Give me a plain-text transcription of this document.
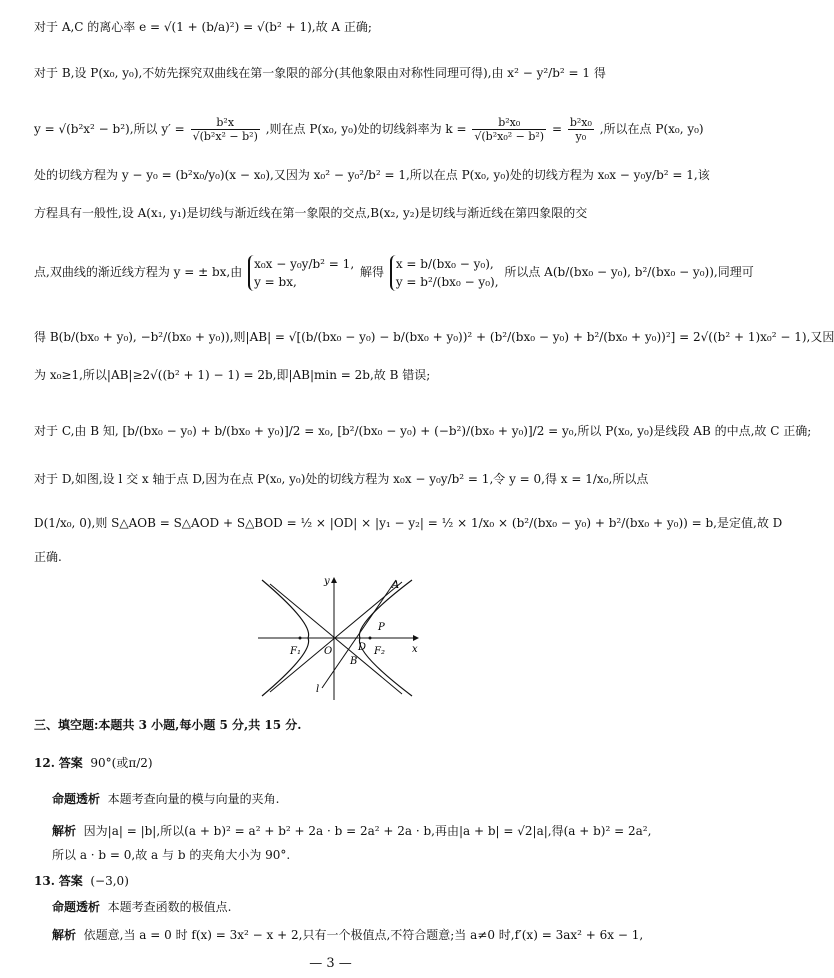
对于 A,C 的离心率 e = √(1 + (b/a)²) = √(b² + 1),故 A 正确;
对于 B,设 P(x₀, y₀),不妨先探究双曲线在第一象限的部分(其他象限由对称性同理可得),由 x² − y²/b² = 1 得
y = √(b²x² − b²),所以 $y' = \frac{\text{b²x}}{\text{√(b²x² − b²)}}$ ,则在点 P(x₀, y₀)处的切线斜率为 $k = \frac{\text{b²x₀}}{\text{√(b²x₀² − b²)}} = \frac{\text{b²x₀}}{\text{y₀}}$ ,所以在点 P(x₀, y₀)
处的切线方程为 y − y₀ = (b²x₀/y₀)(x − x₀),又因为 x₀² − y₀²/b² = 1,所以在点 P(x₀, y₀)处的切线方程为 x₀x − y₀y/b² = 1,该
方程具有一般性,设 A(x₁, y₁)是切线与渐近线在第一象限的交点,B(x₂, y₂)是切线与渐近线在第四象限的交
点,双曲线的渐近线方程为 y = ± bx,由
x₀x − y₀y/b² = 1,
y = bx,
解得
x = b/(bx₀ − y₀),
y = b²/(bx₀ − y₀),
所以点 A(b/(bx₀ − y₀), b²/(bx₀ − y₀)),同理可
得 B(b/(bx₀ + y₀), −b²/(bx₀ + y₀)),则|AB| = √[(b/(bx₀ − y₀) − b/(bx₀ + y₀))² + (b²/(bx₀ − y₀) + b²/(bx₀ + y₀))²] = 2√((b² + 1)x₀² − 1),又因
为 x₀≥1,所以|AB|≥2√((b² + 1) − 1) = 2b,即|AB|min = 2b,故 B 错误;
对于 C,由 B 知, [b/(bx₀ − y₀) + b/(bx₀ + y₀)]/2 = x₀, [b²/(bx₀ − y₀) + (−b²)/(bx₀ + y₀)]/2 = y₀,所以 P(x₀, y₀)是线段 AB 的中点,故 C 正确;
对于 D,如图,设 l 交 x 轴于点 D,因为在点 P(x₀, y₀)处的切线方程为 x₀x − y₀y/b² = 1,令 y = 0,得 x = 1/x₀,所以点
D(1/x₀, 0),则 S△AOB = S△AOD + S△BOD = ½ × |OD| × |y₁ − y₂| = ½ × 1/x₀ × (b²/(bx₀ − y₀) + b²/(bx₀ + y₀)) = b,是定值,故 D
正确.
y
x
A
P
F₁ O	D F₂
B
l
三、填空题:本题共 3 小题,每小题 5 分,共 15 分.
12. 答案 90°(或π/2)
命题透析 本题考查向量的模与向量的夹角.
解析 因为|a| = |b|,所以(a + b)² = a² + b² + 2a · b = 2a² + 2a · b,再由|a + b| = √2|a|,得(a + b)² = 2a²,
所以 a · b = 0,故 a 与 b 的夹角大小为 90°.
13. 答案 (−3,0)
命题透析 本题考查函数的极值点.
解析 依题意,当 a = 0 时 f(x) = 3x² − x + 2,只有一个极值点,不符合题意;当 a≠0 时,f′(x) = 3ax² + 6x − 1,
— 3 —
